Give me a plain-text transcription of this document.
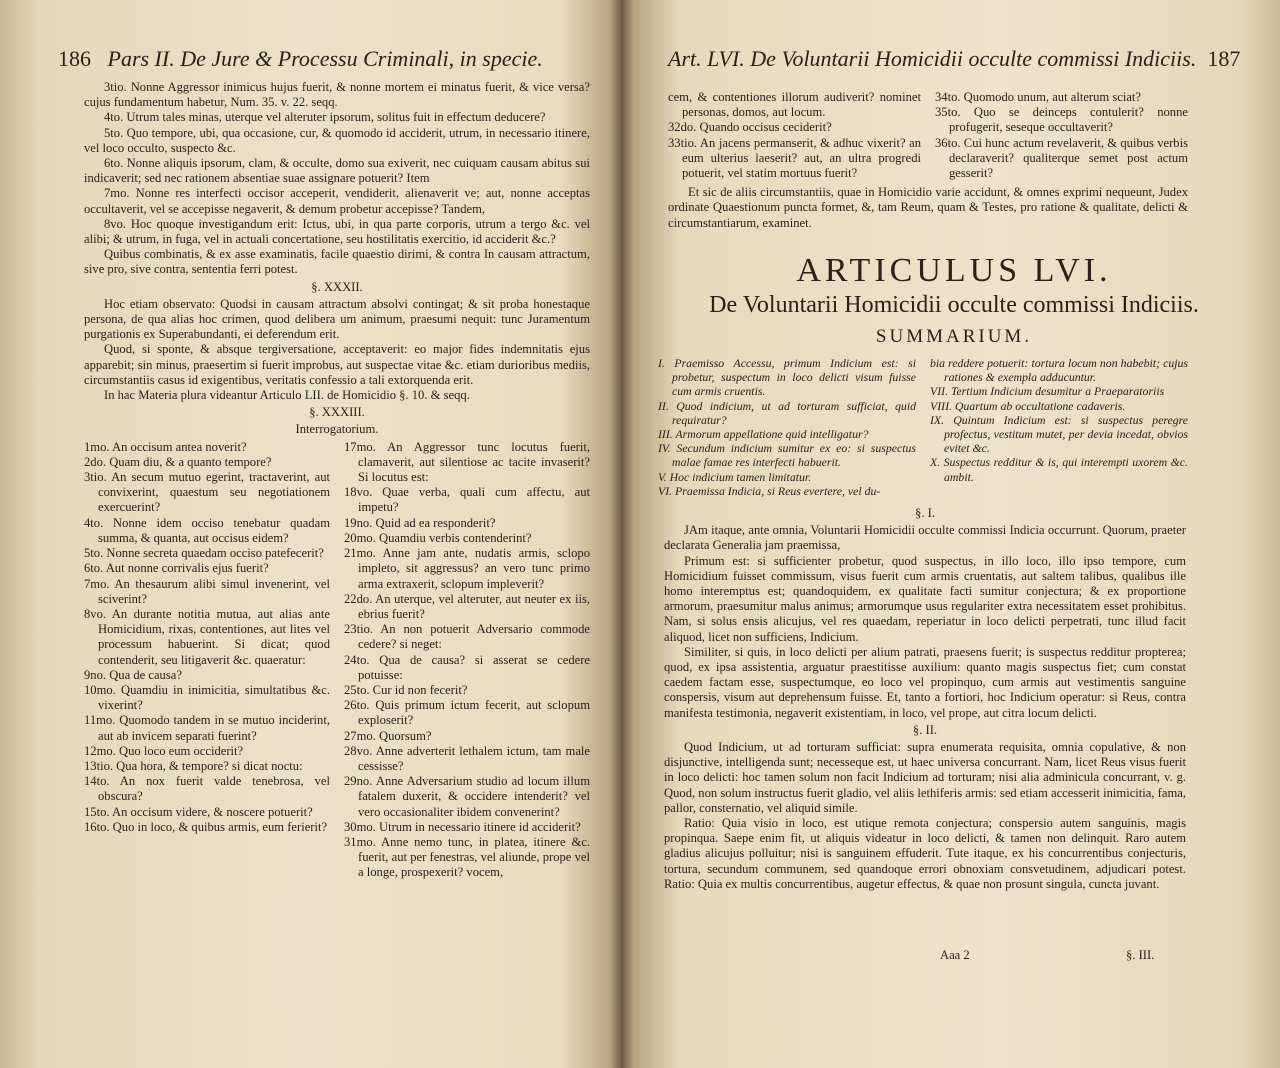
186 Pars II. De Jure & Processu Criminali, in specie.

3tio. Nonne Aggressor inimicus hujus fuerit, & nonne mortem ei minatus fuerit, & vice versa? cujus fundamentum habetur, Num. 35. v. 22. seqq.

4to. Utrum tales minas, uterque vel alteruter ipsorum, solitus fuit in effectum deducere?

5to. Quo tempore, ubi, qua occasione, cur, & quomodo id acciderit, utrum, in necessario itinere, vel loco occulto, suspecto &c.

6to. Nonne aliquis ipsorum, clam, & occulte, domo sua exiverit, nec cuiquam causam abitus sui indicaverit; sed nec rationem absentiae suae assignare potuerit? Item

7mo. Nonne res interfecti occisor acceperit, vendiderit, alienaverit ve; aut, nonne acceptas occultaverit, vel se accepisse negaverit, & demum probetur accepisse? Tandem,

8vo. Hoc quoque investigandum erit: Ictus, ubi, in qua parte corporis, utrum a tergo &c. vel alibi; & utrum, in fuga, vel in actuali concertatione, seu hostilitatis exercitio, id acciderit &c.?

Quibus combinatis, & ex asse examinatis, facile quaestio dirimi, & contra In causam attractum, sive pro, sive contra, sententia ferri potest.

§. XXXII.

Hoc etiam observato: Quodsi in causam attractum absolvi contingat; & sit proba honestaque persona, de qua alias hoc crimen, quod delibera um animum, praesumi nequit: tunc Juramentum purgationis ex Superabundanti, ei deferendum erit.

Quod, si sponte, & absque tergiversatione, acceptaverit: eo major fides indemnitatis ejus apparebit; sin minus, praesertim si fuerit improbus, aut suspectae vitae &c. etiam durioribus mediis, circumstantiis casus id exigentibus, veritatis confessio a tali extorquenda erit.

In hac Materia plura videantur Articulo LII. de Homicidio §. 10. & seqq.

§. XXXIII.

Interrogatorium.

1mo. An occisum antea noverit?

2do. Quam diu, & a quanto tempore?

3tio. An secum mutuo egerint, tractaverint, aut convixerint, quaestum seu negotiationem exercuerint?

4to. Nonne idem occiso tenebatur quadam summa, & quanta, aut occisus eidem?

5to. Nonne secreta quaedam occiso patefecerit?

6to. Aut nonne corrivalis ejus fuerit?

7mo. An thesaurum alibi simul invenerint, vel sciverint?

8vo. An durante notitia mutua, aut alias ante Homicidium, rixas, contentiones, aut lites vel processum habuerint. Si dicat; quod contenderit, seu litigaverit &c. quaeratur:

9no. Qua de causa?

10mo. Quamdiu in inimicitia, simultatibus &c. vixerint?

11mo. Quomodo tandem in se mutuo inciderint, aut ab invicem separati fuerint?

12mo. Quo loco eum occiderit?

13tio. Qua hora, & tempore? si dicat noctu:

14to. An nox fuerit valde tenebrosa, vel obscura?

15to. An occisum videre, & noscere potuerit?

16to. Quo in loco, & quibus armis, eum ferierit?

17mo. An Aggressor tunc locutus fuerit, clamaverit, aut silentiose ac tacite invaserit? Si locutus est:

18vo. Quae verba, quali cum affectu, aut impetu?

19no. Quid ad ea responderit?

20mo. Quamdiu verbis contenderint?

21mo. Anne jam ante, nudatis armis, sclopo impleto, sit aggressus? an vero tunc primo arma extraxerit, sclopum impleverit?

22do. An uterque, vel alteruter, aut neuter ex iis, ebrius fuerit?

23tio. An non potuerit Adversario commode cedere? si neget:

24to. Qua de causa? si asserat se cedere potuisse:

25to. Cur id non fecerit?

26to. Quis primum ictum fecerit, aut sclopum exploserit?

27mo. Quorsum?

28vo. Anne adverterit lethalem ictum, tam male cessisse?

29no. Anne Adversarium studio ad locum illum fatalem duxerit, & occidere intenderit? vel vero occasionaliter ibidem convenerint?

30mo. Utrum in necessario itinere id acciderit?

31mo. Anne nemo tunc, in platea, itinere &c. fuerit, aut per fenestras, vel aliunde, prope vel a longe, prospexerit? vocem,

Art. LVI. De Voluntarii Homicidii occulte commissi Indiciis. 187

cem, & contentiones illorum audiverit? nominet personas, domos, aut locum.

32do. Quando occisus ceciderit?

33tio. An jacens permanserit, & adhuc vixerit? an eum ulterius laeserit? aut, an ultra progredi potuerit, vel statim mortuus fuerit?

34to. Quomodo unum, aut alterum sciat?

35to. Quo se deinceps contulerit? nonne profugerit, seseque occultaverit?

36to. Cui hunc actum revelaverit, & quibus verbis declaraverit? qualiterque semet post actum gesserit?

Et sic de aliis circumstantiis, quae in Homicidio varie accidunt, & omnes exprimi nequeunt, Judex ordinate Quaestionum puncta formet, &, tam Reum, quam & Testes, pro ratione & qualitate, delicti & circumstantiarum, examinet.

ARTICULUS LVI.
De Voluntarii Homicidii occulte commissi Indiciis.
SUMMARIUM.

I. Praemisso Accessu, primum Indicium est: si probetur, suspectum in loco delicti visum fuisse cum armis cruentis.

II. Quod indicium, ut ad torturam sufficiat, quid requiratur?

III. Armorum appellatione quid intelligatur?

IV. Secundum indicium sumitur ex eo: si suspectus malae famae res interfecti habuerit.

V. Hoc indicium tamen limitatur.

VI. Praemissa Indicia, si Reus evertere, vel du-

bia reddere potuerit: tortura locum non habebit; cujus rationes & exempla adducuntur.

VII. Tertium Indicium desumitur a Praeparatoriis

VIII. Quartum ab occultatione cadaveris.

IX. Quintum Indicium est: si suspectus peregre profectus, vestitum mutet, per devia incedat, obvios evitet &c.

X. Suspectus redditur & is, qui interempti uxorem &c. ambit.

§. I.

JAm itaque, ante omnia, Voluntarii Homicidii occulte commissi Indicia occurrunt. Quorum, praeter declarata Generalia jam praemissa,

Primum est: si sufficienter probetur, quod suspectus, in illo loco, illo ipso tempore, cum Homicidium fuisset commissum, visus fuerit cum armis cruentatis, aut saltem talibus, qualibus ille homo interemptus est; quandoquidem, ex qualitate facti sumitur conjectura; & ex proportione armorum, praesumitur malus animus; armorumque usus regulariter extra necessitatem esset prohibitus. Nam, si solus ensis alicujus, vel res quaedam, reperiatur in loco delicti perpetrati, tunc illud facit aliquod, licet non sufficiens, Indicium.

Similiter, si quis, in loco delicti per alium patrati, praesens fuerit; is suspectus redditur propterea; quod, ex ipsa assistentia, arguatur praestitisse auxilium: quanto magis suspectus fiet; cum constat caedem factam esse, suspectumque, eo loco vel propinquo, cum armis aut vestimentis sanguine conspersis, visum aut deprehensum fuisse. Et, tanto a fortiori, hoc Indicium operatur: si Reus, contra manifesta testimonia, negaverit existentiam, in loco, vel prope, aut citra locum delicti.

§. II.

Quod Indicium, ut ad torturam sufficiat: supra enumerata requisita, omnia copulative, & non disjunctive, intelligenda sunt; necesseque est, ut haec universa concurrant. Nam, licet Reus visus fuerit in loco delicti: hoc tamen solum non facit Indicium ad torturam; nisi alia adminicula concurrant, v. g. Quod, non solum instructus fuerit gladio, vel aliis lethiferis armis: sed etiam accesserit inimicitia, fama, pallor, consternatio, vel aliquid simile.

Ratio: Quia visio in loco, est utique remota conjectura; conspersio autem sanguinis, magis propinqua. Saepe enim fit, ut aliquis videatur in loco delicti, & tamen non delinquit. Raro autem gladius alicujus polluitur; nisi is sanguinem effuderit. Tute itaque, ex his concurrentibus conjecturis, tortura, secundum communem, sed quandoque errori obnoxiam consvetudinem, adjudicari potest. Ratio: Quia ex multis concurrentibus, augetur effectus, & quae non prosunt singula, cuncta juvant.

Aaa 2	§. III.
